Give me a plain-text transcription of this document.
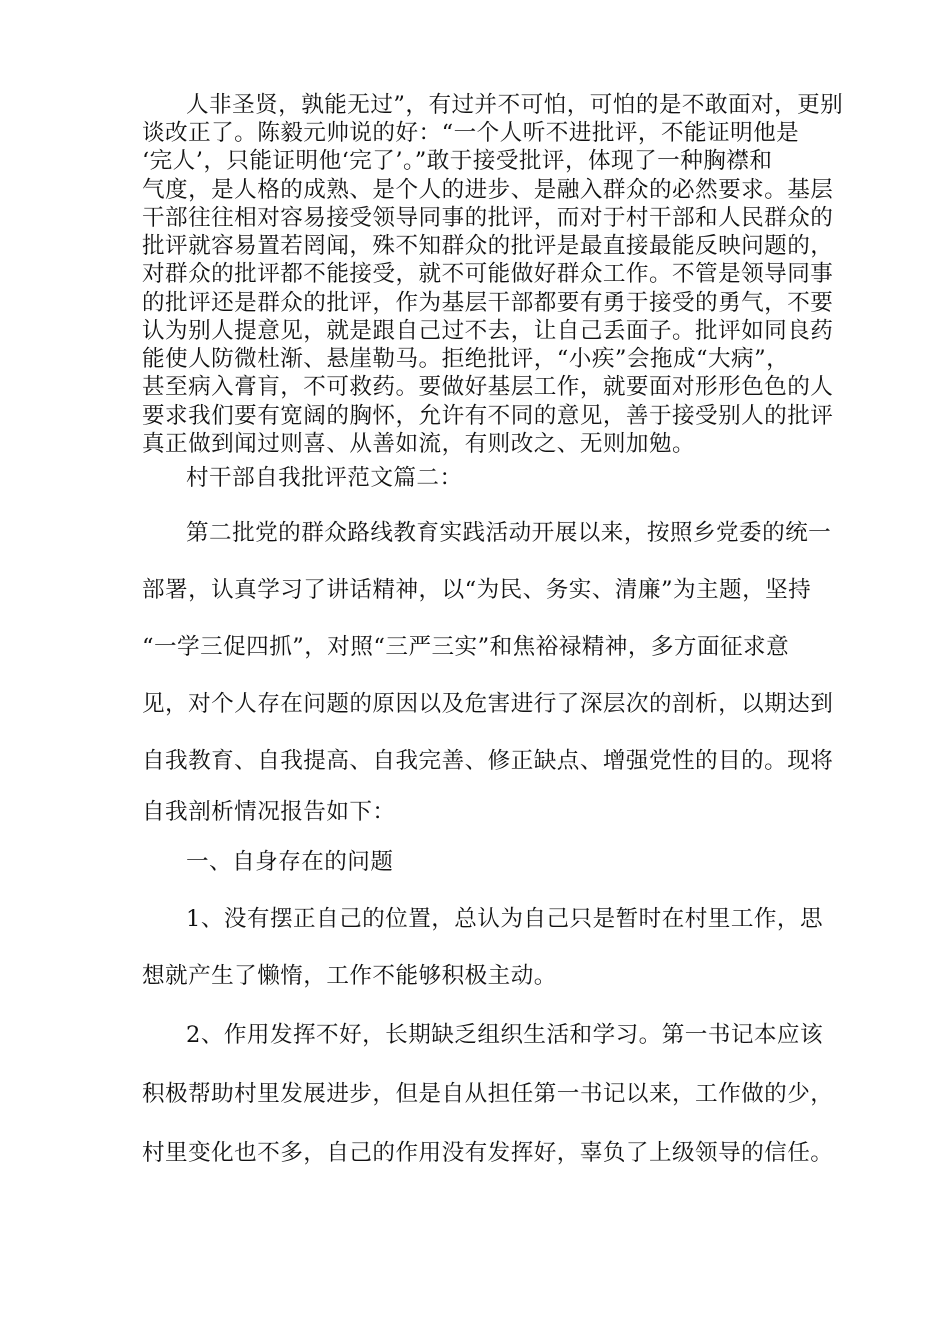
人非圣贤，孰能无过”，有过并不可怕，可怕的是不敢面对，更别
谈改正了。陈毅元帅说的好：“一个人听不进批评，不能证明他是
‘完人’，只能证明他‘完了’。”敢于接受批评，体现了一种胸襟和
气度，是人格的成熟、是个人的进步、是融入群众的必然要求。基层
干部往往相对容易接受领导同事的批评，而对于村干部和人民群众的
批评就容易置若罔闻，殊不知群众的批评是最直接最能反映问题的，
对群众的批评都不能接受，就不可能做好群众工作。不管是领导同事
的批评还是群众的批评，作为基层干部都要有勇于接受的勇气，不要
认为别人提意见，就是跟自己过不去，让自己丢面子。批评如同良药
能使人防微杜渐、悬崖勒马。拒绝批评，“小疾”会拖成“大病”，
甚至病入膏肓，不可救药。要做好基层工作，就要面对形形色色的人
要求我们要有宽阔的胸怀，允许有不同的意见，善于接受别人的批评
真正做到闻过则喜、从善如流，有则改之、无则加勉。
村干部自我批评范文篇二：
第二批党的群众路线教育实践活动开展以来，按照乡党委的统一
部署，认真学习了讲话精神，以“为民、务实、清廉”为主题，坚持
“一学三促四抓”，对照“三严三实”和焦裕禄精神，多方面征求意
见，对个人存在问题的原因以及危害进行了深层次的剖析，以期达到
自我教育、自我提高、自我完善、修正缺点、增强党性的目的。现将
自我剖析情况报告如下：
一、自身存在的问题
1、没有摆正自己的位置，总认为自己只是暂时在村里工作，思
想就产生了懒惰，工作不能够积极主动。
2、作用发挥不好，长期缺乏组织生活和学习。第一书记本应该
积极帮助村里发展进步，但是自从担任第一书记以来，工作做的少，
村里变化也不多，自己的作用没有发挥好，辜负了上级领导的信任。
